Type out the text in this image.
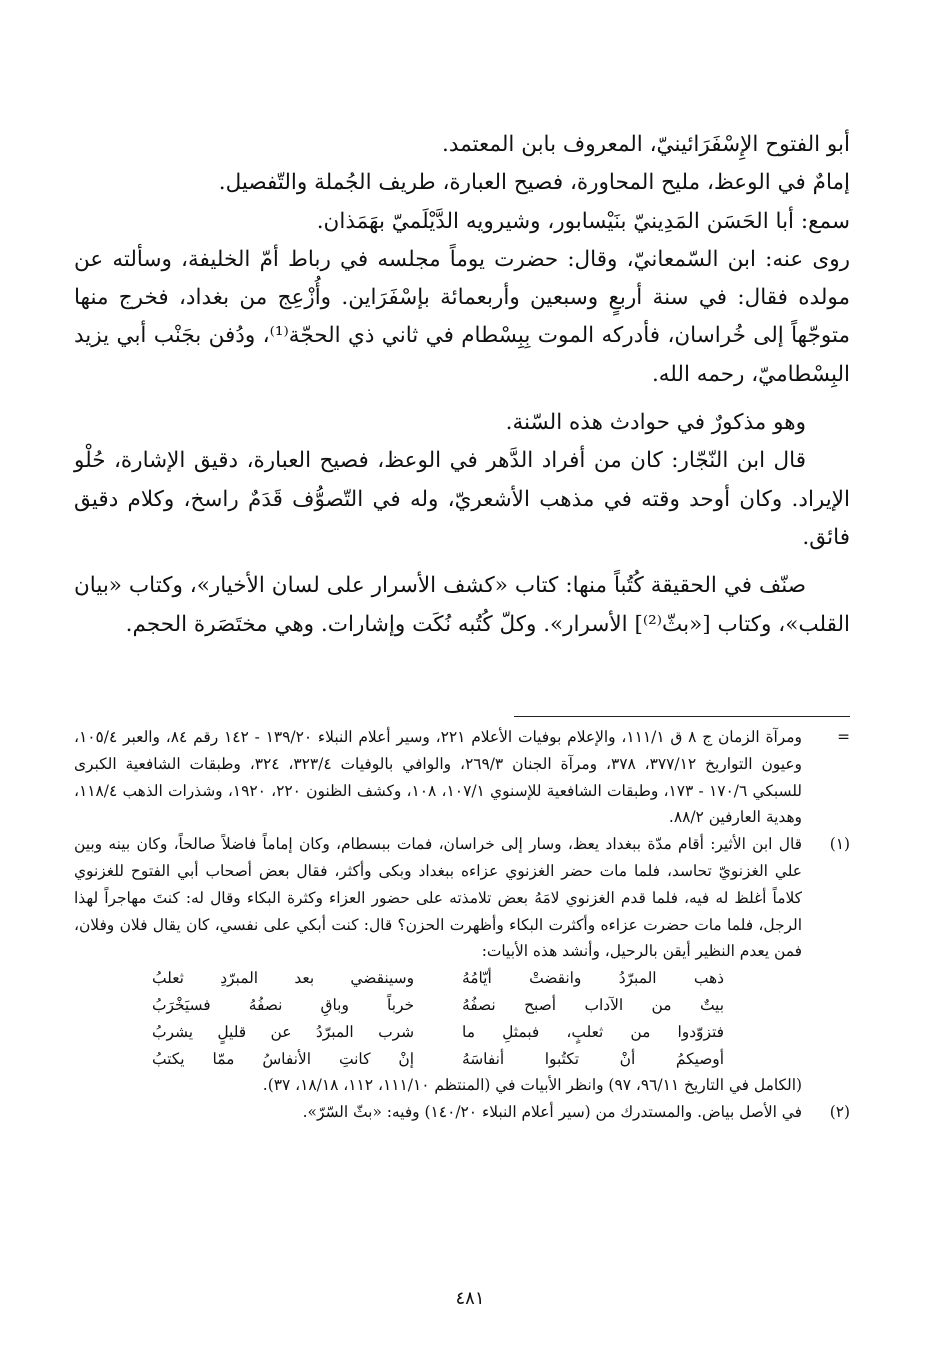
أبو الفتوح الإِسْفَرَائينيّ، المعروف بابن المعتمد.

إمامٌ في الوعظ، مليح المحاورة، فصيح العبارة، طريف الجُملة والتّفصيل.

سمع: أبا الحَسَن المَدِينيّ بنَيْسابور، وشيرويه الدَّيْلَميّ بهَمَذان.

روى عنه: ابن السّمعانيّ، وقال: حضرت يوماً مجلسه في رباط أمّ الخليفة، وسألته عن مولده فقال: في سنة أربعٍ وسبعين وأربعمائة بإسْفَرَاين. وأُزْعِج من بغداد، فخرج منها متوجّهاً إلى خُراسان، فأدركه الموت بِبِسْطام في ثاني ذي الحجّة⁽¹⁾، ودُفن بجَنْب أبي يزيد البِسْطاميّ، رحمه الله.

وهو مذكورٌ في حوادث هذه السّنة.

قال ابن النّجّار: كان من أفراد الدَّهر في الوعظ، فصيح العبارة، دقيق الإشارة، حُلْو الإيراد. وكان أوحد وقته في مذهب الأشعريّ، وله في التّصوُّف قَدَمٌ راسخ، وكلام دقيق فائق.

صنّف في الحقيقة كُتُباً منها: كتاب «كشف الأسرار على لسان الأخيار»، وكتاب «بيان القلب»، وكتاب [«بثّ⁽²⁾] الأسرار». وكلّ كُتُبه نُكَت وإشارات. وهي مختَصَرة الحجم.

=

ومرآة الزمان ج ٨ ق ١١١/١، والإعلام بوفيات الأعلام ٢٢١، وسير أعلام النبلاء ١٣٩/٢٠ - ١٤٢ رقم ٨٤، والعبر ١٠٥/٤، وعيون التواريخ ٣٧٧/١٢، ٣٧٨، ومرآة الجنان ٢٦٩/٣، والوافي بالوفيات ٣٢٣/٤، ٣٢٤، وطبقات الشافعية الكبرى للسبكي ١٧٠/٦ - ١٧٣، وطبقات الشافعية للإسنوي ١٠٧/١، ١٠٨، وكشف الظنون ٢٢٠، ١٩٢٠، وشذرات الذهب ١١٨/٤، وهدية العارفين ٨٨/٢.

(١)

قال ابن الأثير: أقام مدّة ببغداد يعظ، وسار إلى خراسان، فمات ببسطام، وكان إماماً فاضلاً صالحاً، وكان بينه وبين علي الغزنويّ تحاسد، فلما مات حضر الغزنوي عزاءه ببغداد وبكى وأكثر، فقال بعض أصحاب أبي الفتوح للغزنوي كلاماً أغلظ له فيه، فلما قدم الغزنوي لامَهُ بعض تلامذته على حضور العزاء وكثرة البكاء وقال له: كنتَ مهاجراً لهذا الرجل، فلما مات حضرت عزاءه وأكثرت البكاء وأظهرت الحزن؟ قال: كنت أبكي على نفسي، كان يقال فلان وفلان، فمن يعدم النظير أيقن بالرحيل، وأنشد هذه الأبيات:

ذهب المبرّدُ وانقضتْ أيّامُهُ
وسينقضي بعد المبرّدِ ثعلبُ
بيتٌ من الآداب أصبح نصفُهُ
خرباً وباقِ نصفُهُ فسيَخْرَبُ
فتزوّدوا من ثعلبٍ، فبمثلِ ما
شرب المبرّدُ عن قليلٍ يشربُ
أوصيكمُ أنْ تكتُبوا أنفاسَهُ
إنْ كانتِ الأنفاسُ ممّا يكتبُ

(الكامل في التاريخ ٩٦/١١، ٩٧) وانظر الأبيات في (المنتظم ١١١/١٠، ١١٢، ١٨/١٨، ٣٧).

(٢)

في الأصل بياض. والمستدرك من (سير أعلام النبلاء ١٤٠/٢٠) وفيه: «بثّ السّرّ».

٤٨١
